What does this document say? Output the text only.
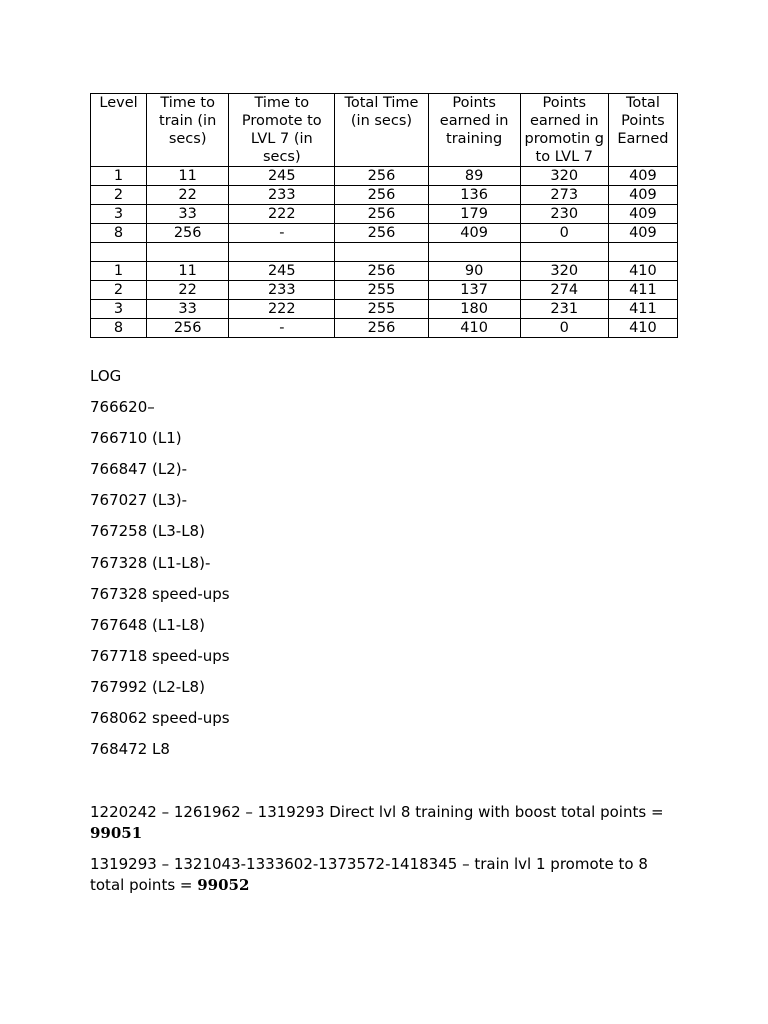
Level	Time to train (in secs)	Time to Promote to LVL 7 (in secs)	Total Time (in secs)	Points earned in training	Points earned in promotin g to LVL 7	Total Points Earned
1	11	245	256	89	320	409
2	22	233	256	136	273	409
3	33	222	256	179	230	409
8	256	-	256	409	0	409

1	11	245	256	90	320	410
2	22	233	255	137	274	411
3	33	222	255	180	231	411
8	256	-	256	410	0	410

LOG

766620–

766710 (L1)

766847 (L2)-

767027 (L3)-

767258 (L3-L8)

767328 (L1-L8)-

767328 speed-ups

767648 (L1-L8)

767718 speed-ups

767992 (L2-L8)

768062 speed-ups

768472 L8

1220242 – 1261962 – 1319293 Direct lvl 8 training with boost total points = 99051

1319293 – 1321043-1333602-1373572-1418345 – train lvl 1 promote to 8 total points = 99052
